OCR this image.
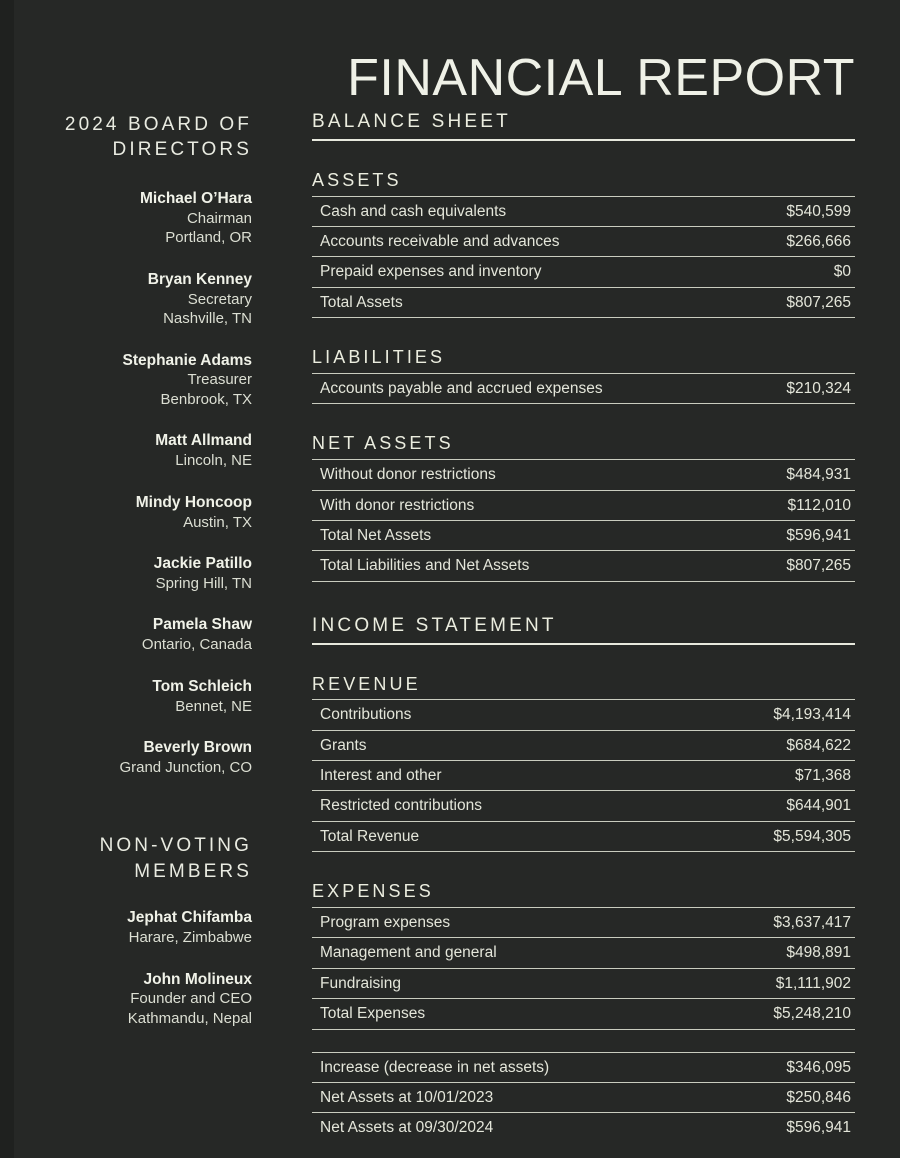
FINANCIAL REPORT
2024 BOARD OF DIRECTORS
Michael O’Hara
Chairman
Portland, OR
Bryan Kenney
Secretary
Nashville, TN
Stephanie Adams
Treasurer
Benbrook, TX
Matt Allmand
Lincoln, NE
Mindy Honcoop
Austin, TX
Jackie Patillo
Spring Hill, TN
Pamela Shaw
Ontario, Canada
Tom Schleich
Bennet, NE
Beverly Brown
Grand Junction, CO
NON-VOTING MEMBERS
Jephat Chifamba
Harare, Zimbabwe
John Molineux
Founder and CEO
Kathmandu, Nepal
BALANCE SHEET
ASSETS
Cash and cash equivalents	$540,599
Accounts receivable and advances	$266,666
Prepaid expenses and inventory	$0
Total Assets	$807,265
LIABILITIES
Accounts payable and accrued expenses	$210,324
NET ASSETS
Without donor restrictions	$484,931
With donor restrictions	$112,010
Total Net Assets	$596,941
Total Liabilities and Net Assets	$807,265
INCOME STATEMENT
REVENUE
Contributions	$4,193,414
Grants	$684,622
Interest and other	$71,368
Restricted contributions	$644,901
Total Revenue	$5,594,305
EXPENSES
Program expenses	$3,637,417
Management and general	$498,891
Fundraising	$1,111,902
Total Expenses	$5,248,210
Increase (decrease in net assets)	$346,095
Net Assets at 10/01/2023	$250,846
Net Assets at 09/30/2024	$596,941
